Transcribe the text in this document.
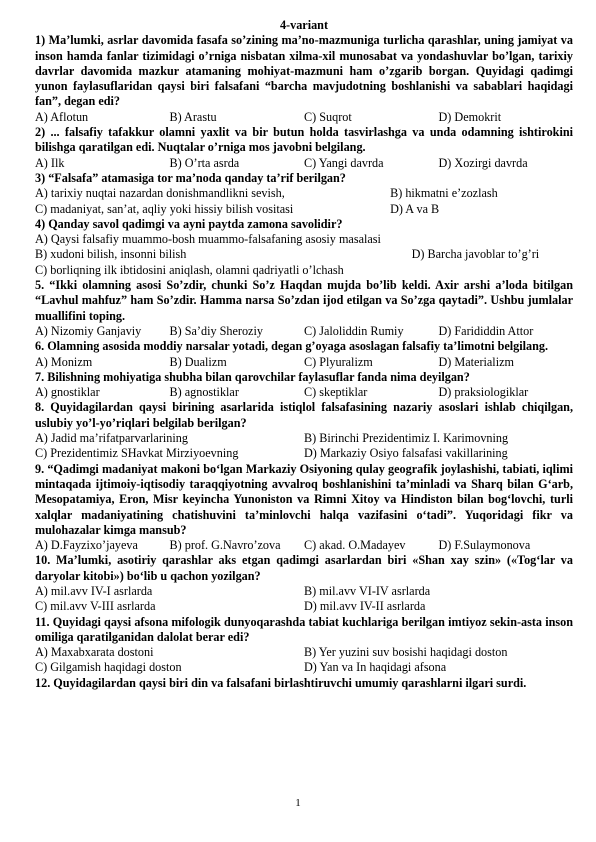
4-variant
1) Ma’lumki, asrlar davomida fasafa so’zining ma’no-mazmuniga turlicha qarashlar, uning jamiyat va inson hamda fanlar tizimidagi o’rniga nisbatan xilma-xil munosabat va yondashuvlar bo’lgan, tarixiy davrlar davomida mazkur atamaning mohiyat-mazmuni ham o’zgarib borgan. Quyidagi qadimgi yunon faylasuflaridan qaysi biri falsafani “barcha mavjudotning boshlanishi va sabablari haqidagi fan”, degan edi?
A) Aflotun	B) Arastu	C) Suqrot	D) Demokrit
2) ... falsafiy tafakkur olamni yaxlit va bir butun holda tasvirlashga va unda odamning ishtirokini bilishga qaratilgan edi. Nuqtalar o’rniga mos javobni belgilang.
A) Ilk	B) O’rta asrda	C) Yangi davrda	D) Xozirgi davrda
3) “Falsafa” atamasiga tor ma’noda qanday ta’rif berilgan?
A) tarixiy nuqtai nazardan donishmandlikni sevish,	B) hikmatni e’zozlash
C) madaniyat, san’at, aqliy yoki hissiy bilish vositasi	D) A va B
4) Qanday savol qadimgi va ayni paytda zamona savolidir?
A) Qaysi falsafiy muammo-bosh muammo-falsafaning asosiy masalasi
B) xudoni bilish, insonni bilish	D) Barcha javoblar to’g’ri
C) borliqning ilk ibtidosini aniqlash, olamni qadriyatli o’lchash
5. “Ikki olamning asosi So’zdir, chunki So’z Haqdan mujda bo’lib keldi. Axir arshi a’loda bitilgan “Lavhul mahfuz” ham So’zdir. Hamma narsa So’zdan ijod etilgan va So’zga qaytadi”. Ushbu jumlalar muallifini toping.
A) Nizomiy Ganjaviy	B) Sa’diy Sheroziy	C) Jaloliddin Rumiy	D) Farididdin Attor
6. Olamning asosida moddiy narsalar yotadi, degan g’oyaga asoslagan falsafiy ta’limotni belgilang.
A) Monizm	B) Dualizm	C) Plyuralizm	D) Materializm
7. Bilishning mohiyatiga shubha bilan qarovchilar faylasuflar fanda nima deyilgan?
A) gnostiklar	B) agnostiklar	C) skeptiklar	D) praksiologiklar
8. Quyidagilardan qaysi birining asarlarida istiqlol falsafasining nazariy asoslari ishlab chiqilgan, uslubiy yo’l-yo’riqlari belgilab berilgan?
A) Jadid ma’rifatparvarlarining	B) Birinchi Prezidentimiz I. Karimovning
C) Prezidentimiz SHavkat Mirziyoevning	D) Markaziy Osiyo falsafasi vakillarining
9. “Qadimgi madaniyat makoni bo‘lgan Markaziy Osiyoning qulay geografik joylashishi, tabiati, iqlimi mintaqada ijtimoiy-iqtisodiy taraqqiyotning avvalroq boshlanishini ta’minladi va Sharq bilan G‘arb, Mesopatamiya, Eron, Misr keyincha Yunoniston va Rimni Xitoy va Hindiston bilan bog‘lovchi, turli xalqlar madaniyatining chatishuvini ta’minlovchi halqa vazifasini o‘tadi”. Yuqoridagi fikr va mulohazalar kimga mansub?
A) D.Fayzixo’jayeva	B) prof. G.Navro’zova	C) akad. O.Madayev	D) F.Sulaymonova
10. Ma’lumki, asotiriy qarashlar aks etgan qadimgi asarlardan biri «Shan xay szin» («Tog‘lar va daryolar kitobi») bo‘lib u qachon yozilgan?
A) mil.avv IV-I asrlarda	B) mil.avv VI-IV asrlarda
C) mil.avv V-III asrlarda	D) mil.avv IV-II asrlarda
11. Quyidagi qaysi afsona mifologik dunyoqarashda tabiat kuchlariga berilgan imtiyoz sekin-asta inson omiliga qaratilganidan dalolat berar edi?
A) Maxabxarata dostoni	B) Yer yuzini suv bosishi haqidagi doston
C) Gilgamish haqidagi doston	D) Yan va In haqidagi afsona
12. Quyidagilardan qaysi biri din va falsafani birlashtiruvchi umumiy qarashlarni ilgari surdi.
1
